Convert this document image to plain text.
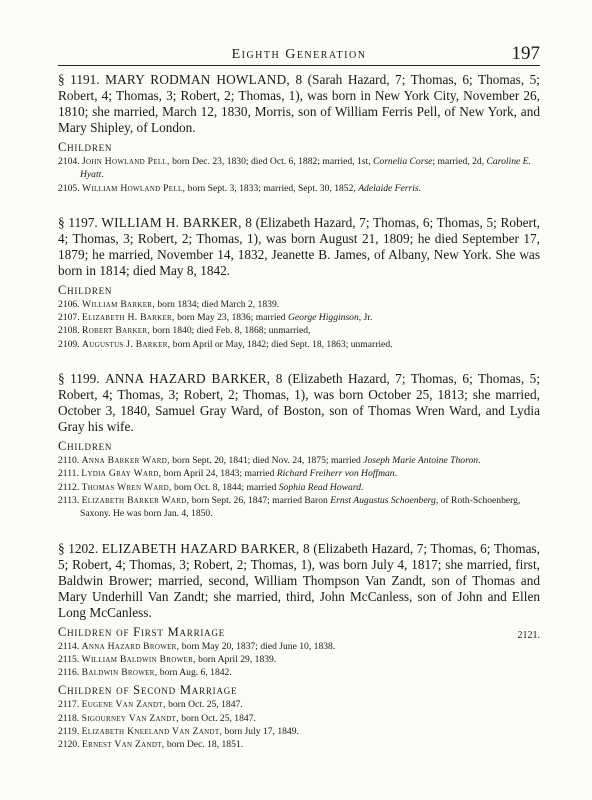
Eighth Generation	197

§ 1191. MARY RODMAN HOWLAND, 8 (Sarah Hazard, 7; Thomas, 6; Thomas, 5; Robert, 4; Thomas, 3; Robert, 2; Thomas, 1), was born in New York City, November 26, 1810; she married, March 12, 1830, Morris, son of William Ferris Pell, of New York, and Mary Shipley, of London.

Children

2104. John Howland Pell, born Dec. 23, 1830; died Oct. 6, 1882; married, 1st, Cornelia Corse; married, 2d, Caroline E. Hyatt.

2105. William Howland Pell, born Sept. 3, 1833; married, Sept. 30, 1852, Adelaide Ferris.

§ 1197. WILLIAM H. BARKER, 8 (Elizabeth Hazard, 7; Thomas, 6; Thomas, 5; Robert, 4; Thomas, 3; Robert, 2; Thomas, 1), was born August 21, 1809; he died September 17, 1879; he married, November 14, 1832, Jeanette B. James, of Albany, New York. She was born in 1814; died May 8, 1842.

Children

2106. William Barker, born 1834; died March 2, 1839.

2107. Elizabeth H. Barker, born May 23, 1836; married George Higginson, Jr.

2108. Robert Barker, born 1840; died Feb. 8, 1868; unmarried,

2109. Augustus J. Barker, born April or May, 1842; died Sept. 18, 1863; unmarried.

§ 1199. ANNA HAZARD BARKER, 8 (Elizabeth Hazard, 7; Thomas, 6; Thomas, 5; Robert, 4; Thomas, 3; Robert, 2; Thomas, 1), was born October 25, 1813; she married, October 3, 1840, Samuel Gray Ward, of Boston, son of Thomas Wren Ward, and Lydia Gray his wife.

Children

2110. Anna Barker Ward, born Sept. 20, 1841; died Nov. 24, 1875; married Joseph Marie Antoine Thoron.

2111. Lydia Gray Ward, born April 24, 1843; married Richard Freiherr von Hoffman.

2112. Thomas Wren Ward, born Oct. 8, 1844; married Sophia Read Howard.

2113. Elizabeth Barker Ward, born Sept. 26, 1847; married Baron Ernst Augustus Schoenberg, of Roth-Schoenberg, Saxony. He was born Jan. 4, 1850.

§ 1202. ELIZABETH HAZARD BARKER, 8 (Elizabeth Hazard, 7; Thomas, 6; Thomas, 5; Robert, 4; Thomas, 3; Robert, 2; Thomas, 1), was born July 4, 1817; she married, first, Baldwin Brower; married, second, William Thompson Van Zandt, son of Thomas and Mary Underhill Van Zandt; she married, third, John McCanless, son of John and Ellen Long McCanless.

Children of First Marriage

2114. Anna Hazard Brower, born May 20, 1837; died June 10, 1838.

2115. William Baldwin Brower, born April 29, 1839.

2116. Baldwin Brower, born Aug. 6, 1842.

Children of Second Marriage

2117. Eugene Van Zandt, born Oct. 25, 1847.

2118. Sigourney Van Zandt, born Oct. 25, 1847.

2119. Elizabeth Kneeland Van Zandt, born July 17, 1849.

2120. Ernest Van Zandt, born Dec. 18, 1851.

2121.
